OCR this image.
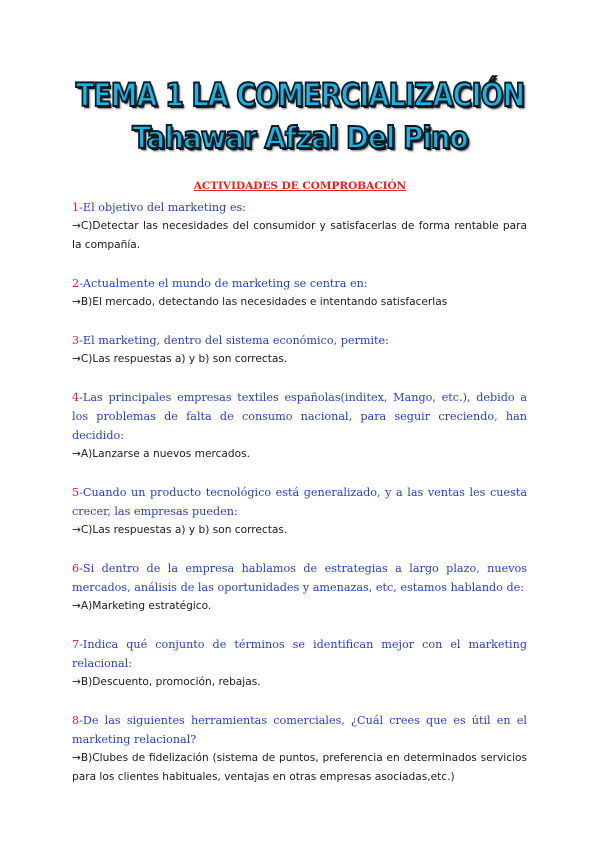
TEMA 1 LA COMERCIALIZACIÓN
Tahawar Afzal Del Pino
ACTIVIDADES DE COMPROBACIÓN
1-El objetivo del marketing es:
→C)Detectar las necesidades del consumidor y satisfacerlas de forma rentable para la compañía.
2-Actualmente el mundo de marketing se centra en:
→B)El mercado, detectando las necesidades e intentando satisfacerlas
3-El marketing, dentro del sistema económico, permite:
→C)Las respuestas a) y b) son correctas.
4-Las principales empresas textiles españolas(inditex, Mango, etc.), debido a los problemas de falta de consumo nacional, para seguir creciendo, han decidido:
→A)Lanzarse a nuevos mercados.
5-Cuando un producto tecnológico está generalizado, y a las ventas les cuesta crecer, las empresas pueden:
→C)Las respuestas a) y b) son correctas.
6-Si dentro de la empresa hablamos de estrategias a largo plazo, nuevos mercados, análisis de las oportunidades y amenazas, etc, estamos hablando de:
→A)Marketing estratégico.
7-Indica qué conjunto de términos se identifican mejor con el marketing relacional:
→B)Descuento, promoción, rebajas.
8-De las siguientes herramientas comerciales, ¿Cuál crees que es útil en el marketing relacional?
→B)Clubes de fidelización (sistema de puntos, preferencia en determinados servicios para los clientes habituales, ventajas en otras empresas asociadas,etc.)
